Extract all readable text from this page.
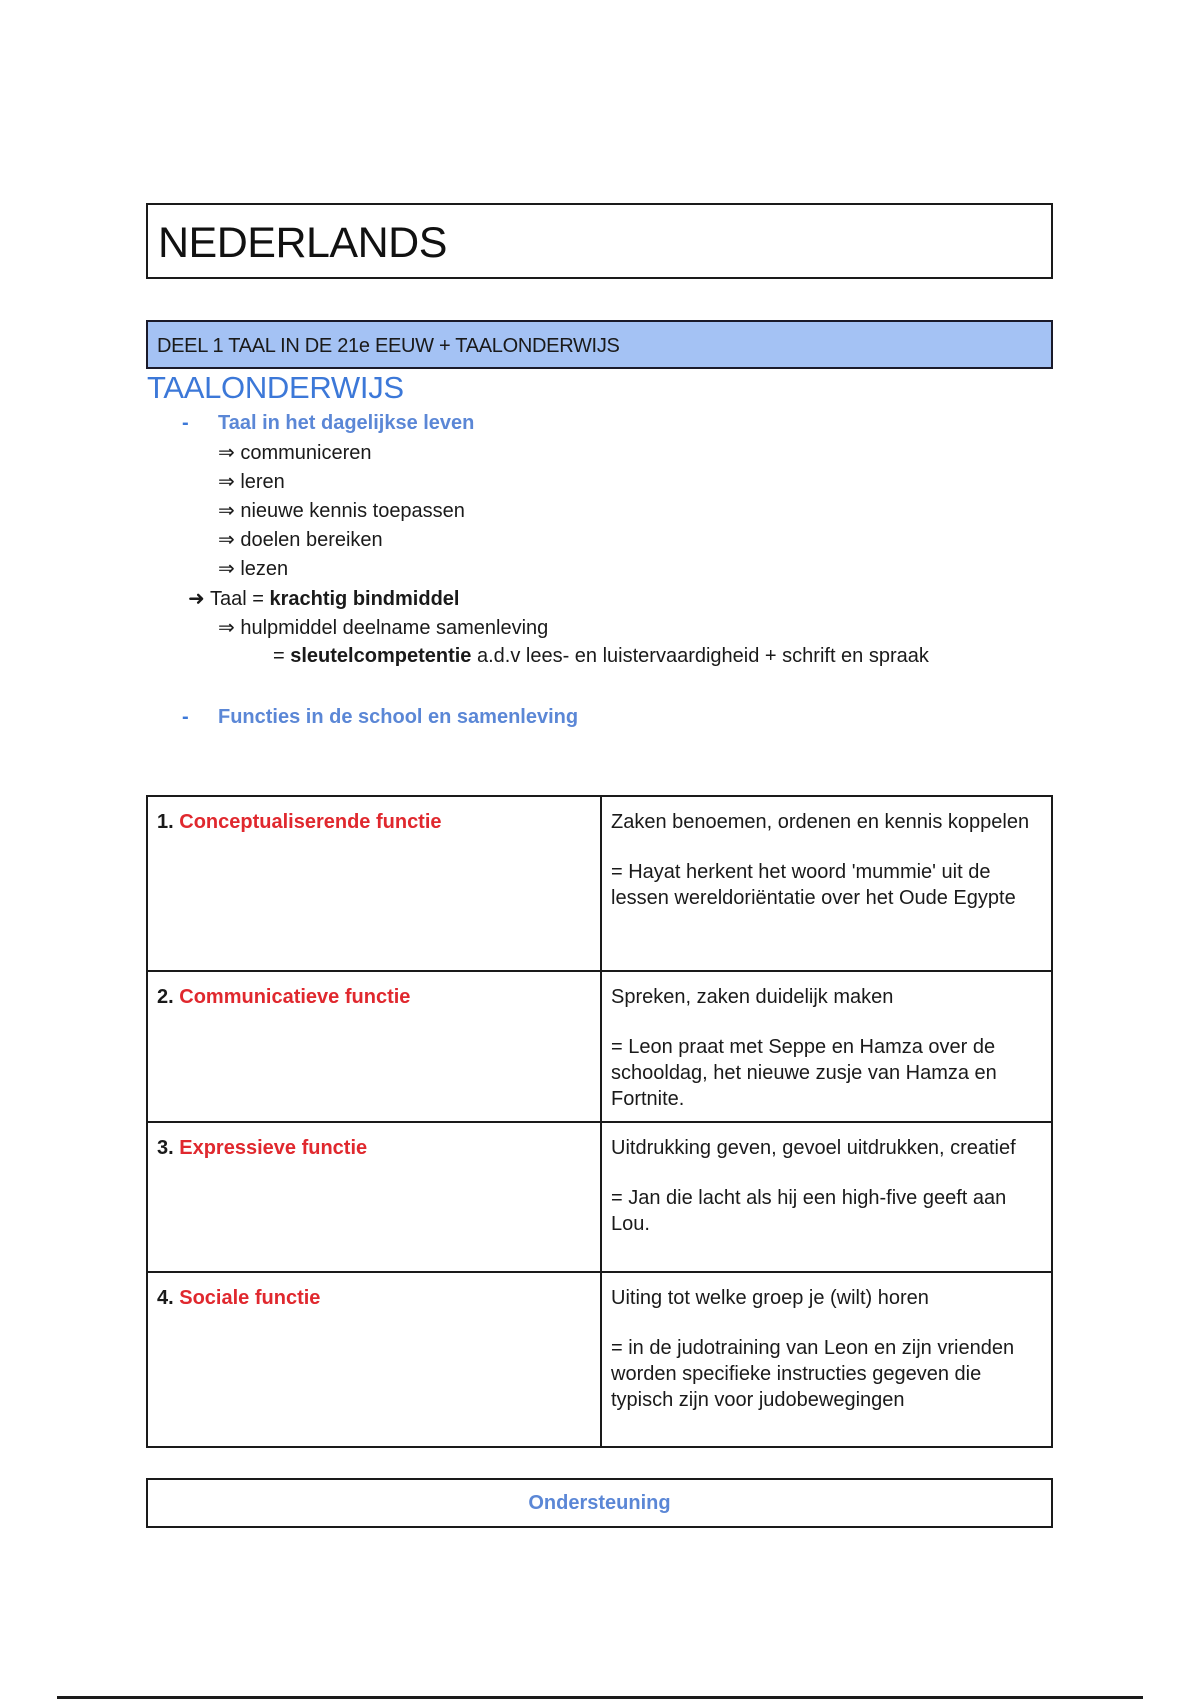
NEDERLANDS
DEEL 1 TAAL IN DE 21e EEUW + TAALONDERWIJS
TAALONDERWIJS
- Taal in het dagelijkse leven
⇒ communiceren
⇒ leren
⇒ nieuwe kennis toepassen
⇒ doelen bereiken
⇒ lezen
➜ Taal = krachtig bindmiddel
⇒ hulpmiddel deelname samenleving
= sleutelcompetentie a.d.v lees- en luistervaardigheid + schrift en spraak
- Functies in de school en samenleving
1. Conceptualiserende functie	Zaken benoemen, ordenen en kennis koppelen
= Hayat herkent het woord 'mummie' uit de lessen wereldoriëntatie over het Oude Egypte

2. Communicatieve functie	Spreken, zaken duidelijk maken
= Leon praat met Seppe en Hamza over de schooldag, het nieuwe zusje van Hamza en Fortnite.

3. Expressieve functie	Uitdrukking geven, gevoel uitdrukken, creatief
= Jan die lacht als hij een high-five geeft aan Lou.

4. Sociale functie	Uiting tot welke groep je (wilt) horen
= in de judotraining van Leon en zijn vrienden worden specifieke instructies gegeven die typisch zijn voor judobewegingen
Ondersteuning
